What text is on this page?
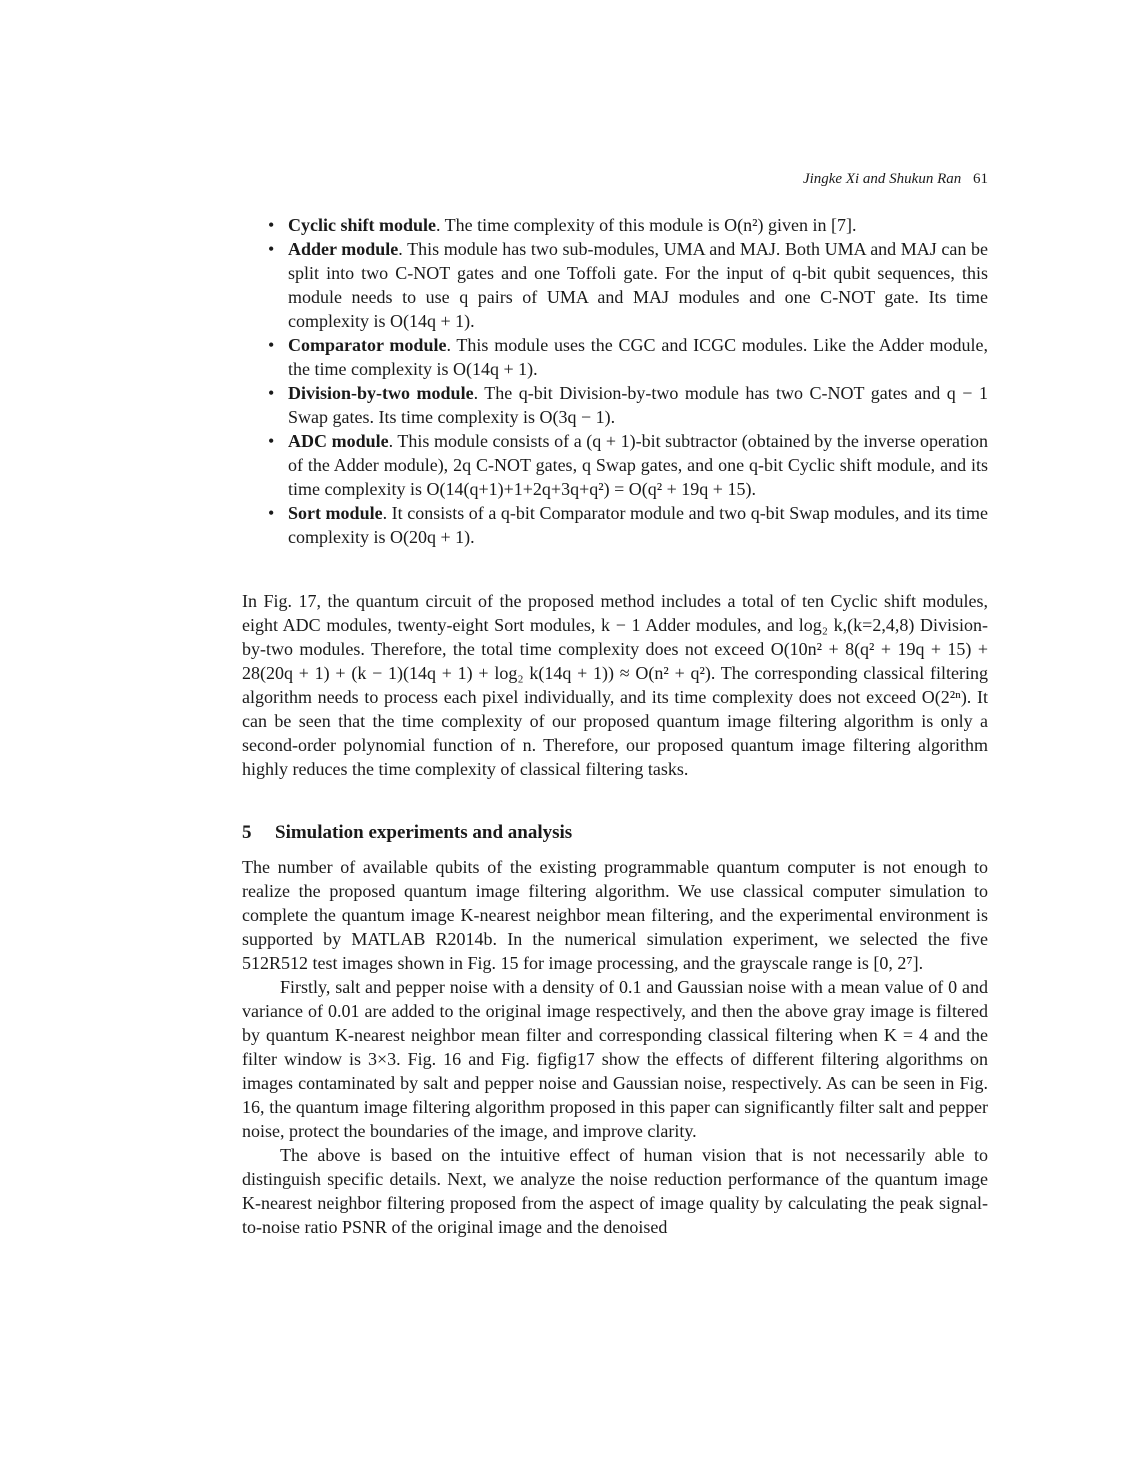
Jingke Xi and Shukun Ran 61
• Cyclic shift module. The time complexity of this module is O(n²) given in [7].
• Adder module. This module has two sub-modules, UMA and MAJ. Both UMA and MAJ can be split into two C-NOT gates and one Toffoli gate. For the input of q-bit qubit sequences, this module needs to use q pairs of UMA and MAJ modules and one C-NOT gate. Its time complexity is O(14q + 1).
• Comparator module. This module uses the CGC and ICGC modules. Like the Adder module, the time complexity is O(14q + 1).
• Division-by-two module. The q-bit Division-by-two module has two C-NOT gates and q − 1 Swap gates. Its time complexity is O(3q − 1).
• ADC module. This module consists of a (q + 1)-bit subtractor (obtained by the inverse operation of the Adder module), 2q C-NOT gates, q Swap gates, and one q-bit Cyclic shift module, and its time complexity is O(14(q+1)+1+2q+3q+q²) = O(q² + 19q + 15).
• Sort module. It consists of a q-bit Comparator module and two q-bit Swap modules, and its time complexity is O(20q + 1).

In Fig. 17, the quantum circuit of the proposed method includes a total of ten Cyclic shift modules, eight ADC modules, twenty-eight Sort modules, k − 1 Adder modules, and log₂ k,(k=2,4,8) Division-by-two modules. Therefore, the total time complexity does not exceed O(10n² + 8(q² + 19q + 15) + 28(20q + 1) + (k − 1)(14q + 1) + log₂ k(14q + 1)) ≈ O(n² + q²). The corresponding classical filtering algorithm needs to process each pixel individually, and its time complexity does not exceed O(2²ⁿ). It can be seen that the time complexity of our proposed quantum image filtering algorithm is only a second-order polynomial function of n. Therefore, our proposed quantum image filtering algorithm highly reduces the time complexity of classical filtering tasks.

5 Simulation experiments and analysis

The number of available qubits of the existing programmable quantum computer is not enough to realize the proposed quantum image filtering algorithm. We use classical computer simulation to complete the quantum image K-nearest neighbor mean filtering, and the experimental environment is supported by MATLAB R2014b. In the numerical simulation experiment, we selected the five 512R512 test images shown in Fig. 15 for image processing, and the grayscale range is [0, 2⁷].

Firstly, salt and pepper noise with a density of 0.1 and Gaussian noise with a mean value of 0 and variance of 0.01 are added to the original image respectively, and then the above gray image is filtered by quantum K-nearest neighbor mean filter and corresponding classical filtering when K = 4 and the filter window is 3×3. Fig. 16 and Fig. figfig17 show the effects of different filtering algorithms on images contaminated by salt and pepper noise and Gaussian noise, respectively. As can be seen in Fig. 16, the quantum image filtering algorithm proposed in this paper can significantly filter salt and pepper noise, protect the boundaries of the image, and improve clarity.

The above is based on the intuitive effect of human vision that is not necessarily able to distinguish specific details. Next, we analyze the noise reduction performance of the quantum image K-nearest neighbor filtering proposed from the aspect of image quality by calculating the peak signal-to-noise ratio PSNR of the original image and the denoised
